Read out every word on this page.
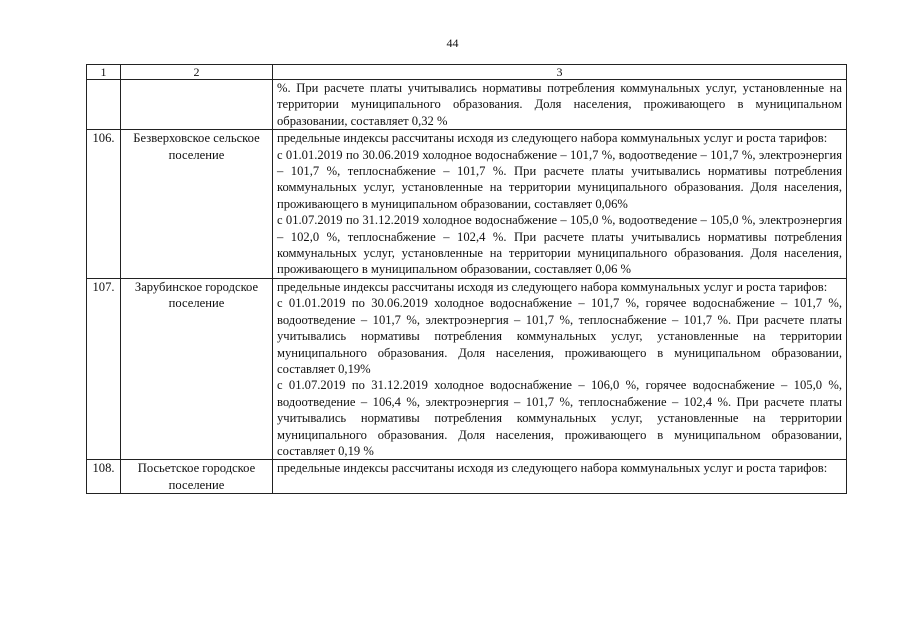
44
1	2	3

		%. При расчете платы учитывались нормативы потребления коммунальных услуг, установленные на территории муниципального образования. Доля населения, проживающего в муниципальном образовании, составляет 0,32 %

106.	Безверховское сельское поселение	предельные индексы рассчитаны исходя из следующего набора коммунальных услуг и роста тарифов:
с 01.01.2019 по 30.06.2019 холодное водоснабжение – 101,7 %, водоотведение – 101,7 %, электроэнергия – 101,7 %, теплоснабжение – 101,7 %. При расчете платы учитывались нормативы потребления коммунальных услуг, установленные на территории муниципального образования. Доля населения, проживающего в муниципальном образовании, составляет 0,06%
с 01.07.2019 по 31.12.2019 холодное водоснабжение – 105,0 %, водоотведение – 105,0 %, электроэнергия – 102,0 %, теплоснабжение – 102,4 %. При расчете платы учитывались нормативы потребления коммунальных услуг, установленные на территории муниципального образования. Доля населения, проживающего в муниципальном образовании, составляет 0,06 %

107.	Зарубинское городское поселение	предельные индексы рассчитаны исходя из следующего набора коммунальных услуг и роста тарифов:
с 01.01.2019 по 30.06.2019 холодное водоснабжение – 101,7 %, горячее водоснабжение – 101,7 %, водоотведение – 101,7 %, электроэнергия – 101,7 %, теплоснабжение – 101,7 %. При расчете платы учитывались нормативы потребления коммунальных услуг, установленные на территории муниципального образования. Доля населения, проживающего в муниципальном образовании, составляет 0,19%
с 01.07.2019 по 31.12.2019 холодное водоснабжение – 106,0 %, горячее водоснабжение – 105,0 %, водоотведение – 106,4 %, электроэнергия – 101,7 %, теплоснабжение – 102,4 %. При расчете платы учитывались нормативы потребления коммунальных услуг, установленные на территории муниципального образования. Доля населения, проживающего в муниципальном образовании, составляет 0,19 %

108.	Посьетское городское поселение	предельные индексы рассчитаны исходя из следующего набора коммунальных услуг и роста тарифов:
